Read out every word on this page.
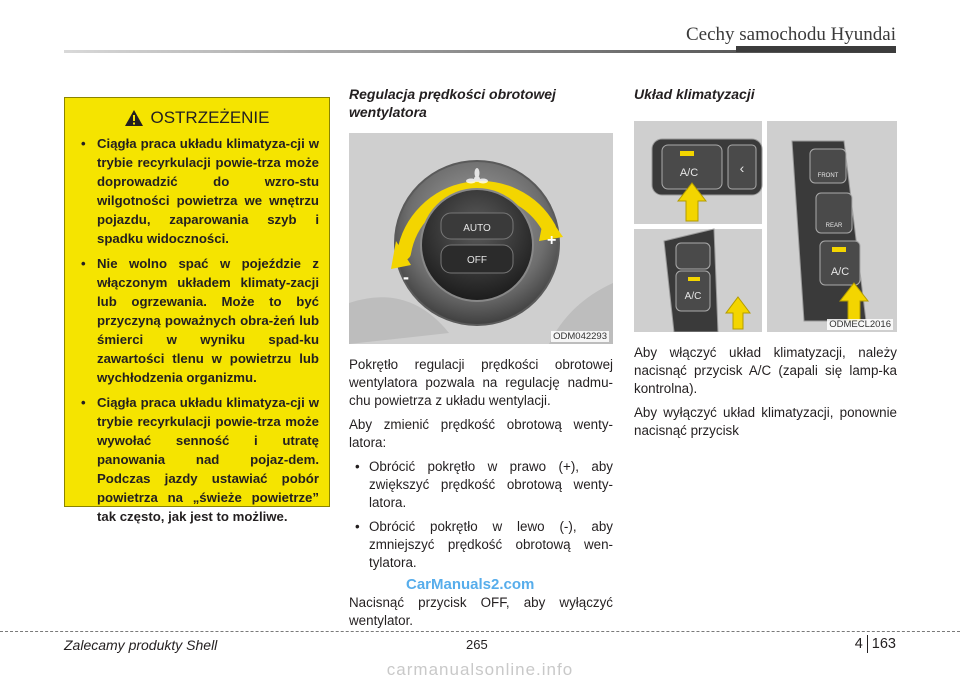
Cechy samochodu Hyundai
OSTRZEŻENIE
• Ciągła praca układu klimatyza-cji w trybie recyrkulacji powie-trza może doprowadzić do wzro-stu wilgotności powietrza we wnętrzu pojazdu, zaparowania szyb i spadku widoczności.
• Nie wolno spać w pojeździe z włączonym układem klimaty-zacji lub ogrzewania. Może to być przyczyną poważnych obra-żeń lub śmierci w wyniku spad-ku zawartości tlenu w powietrzu lub wychłodzenia organizmu.
• Ciągła praca układu klimatyza-cji w trybie recyrkulacji powie-trza może wywołać senność i utratę panowania nad pojaz-dem. Podczas jazdy ustawiać pobór powietrza na „świeże powietrze” tak często, jak jest to możliwe.
Regulacja prędkości obrotowej wentylatora
AUTO
OFF
-
+
ODM042293

Pokrętło regulacji prędkości obrotowej wentylatora pozwala na regulację nadmu-chu powietrza z układu wentylacji.

Aby zmienić prędkość obrotową wenty-latora:

• Obrócić pokrętło w prawo (+), aby zwiększyć prędkość obrotową wenty-latora.
• Obrócić pokrętło w lewo (-), aby zmniejszyć prędkość obrotową wen-tylatora.

Nacisnąć przycisk OFF, aby wyłączyć wentylator.

Układ klimatyzacji
A/C	‹	FRONT
REAR
A/C
A/C
ODMECL2016

Aby włączyć układ klimatyzacji, należy nacisnąć przycisk A/C (zapali się lamp-ka kontrolna).

Aby wyłączyć układ klimatyzacji, ponownie nacisnąć przycisk

CarManuals2.com
Zalecamy produkty Shell	265	4 163
carmanualsonline.info
